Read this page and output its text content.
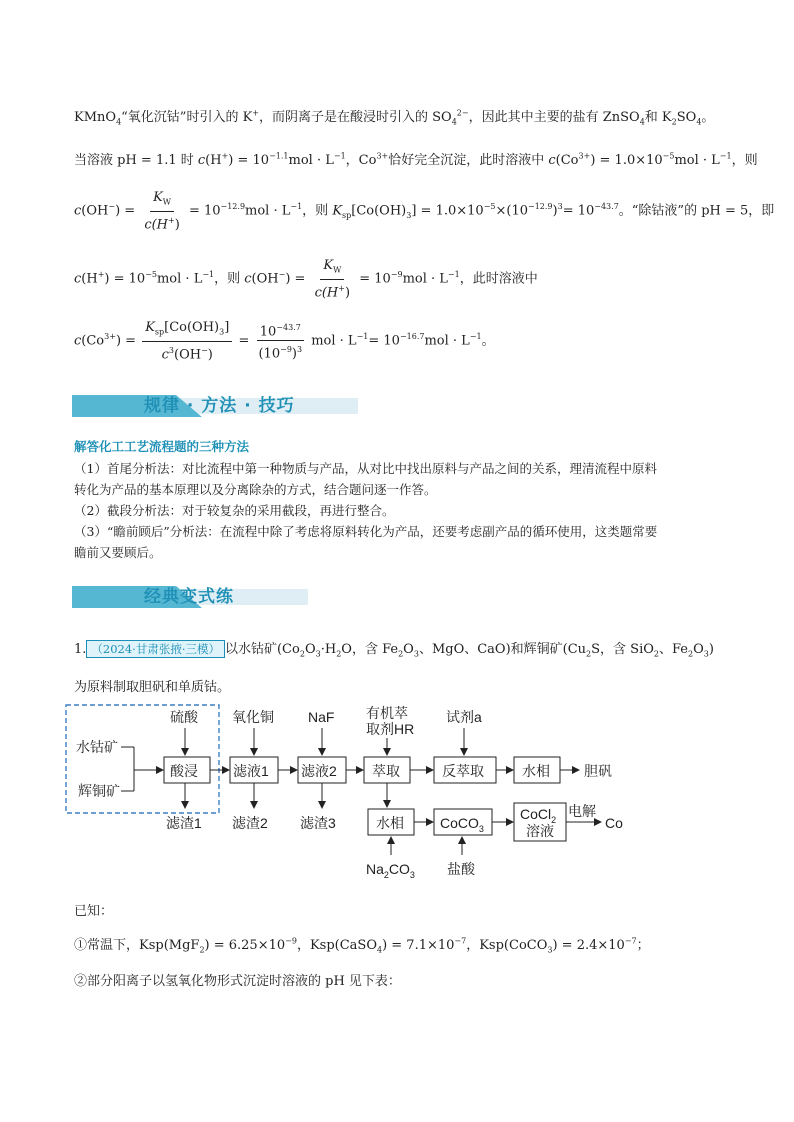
KMnO$_4$“氧化沉钴”时引入的 K+，而阴离子是在酸浸时引入的 $SO_4^{2-}$，因此其中主要的盐有 ZnSO$_4$和 $K_2SO_4$。
当溶液 pH = 1.1 时 $c(H^+) = 10^{-1.1}mol \cdot L^{-1}$，$Co^{3+}$恰好完全沉淀，此时溶液中 $c(Co^{3+}) = 1.0\times 10^{-5}mol \cdot L^{-1}$，则
$c(OH^-) = \frac{K_W}{c(H^+)} = 10^{-12.9}mol \cdot L^{-1}$，则 $K_{sp}[Co(OH)_3] = 1.0\times 10^{-5}\times(10^{-12.9})^3= 10^{-43.7}$。“除钴液”的 pH = 5，即
$c(H^+) = 10^{-5}mol \cdot L^{-1}$，则 $c(OH^-) = \frac{K_W}{c(H^+)} = 10^{-9}mol \cdot L^{-1}$，此时溶液中
$c(Co^{3+}) = \frac{K_{sp}[Co(OH)_3]}{c^3(OH^-)} = \frac{10^{-43.7}}{(10^{-9})^3}$ mol · $L^{-1}= 10^{-16.7}mol \cdot L^{-1}$。
规律 · 方法 · 技巧
解答化工工艺流程题的三种方法
（1）首尾分析法：对比流程中第一种物质与产品，从对比中找出原料与产品之间的关系，理清流程中原料
转化为产品的基本原理以及分离除杂的方式，结合题问逐一作答。
（2）截段分析法：对于较复杂的采用截段，再进行整合。
（3）“瞻前顾后”分析法：在流程中除了考虑将原料转化为产品，还要考虑副产品的循环使用，这类题常要
瞻前又要顾后。
经典变式练
1. （2024·甘肃张掖·三模） 以水钴矿($Co_2O_3\cdot H_2O$，含 $Fe_2O_3$、MgO、CaO)和辉铜矿($Cu_2S$，含 SiO$_2$、$Fe_2O_3$)
为原料制取胆矾和单质钴。
水钴矿
辉铜矿
硫酸 氧化铜 NaF 有机萃
取剂HR
试剂a
酸浸	滤液1 滤液2	萃取	反萃取	水相 胆矾
滤渣1 滤渣2 滤渣3	水相	CoCO$_3$
CoCl$_2$
溶液
电解
Co
$Na_2CO_3$ 盐酸
已知：
①常温下，$Ksp(MgF_2) = 6.25\times 10^{-9}$，Ksp(CaSO$_4$) = $7.1\times 10^{-7}$，Ksp(CoCO$_3$) = $2.4\times 10^{-7}$；
②部分阳离子以氢氧化物形式沉淀时溶液的 pH 见下表：
